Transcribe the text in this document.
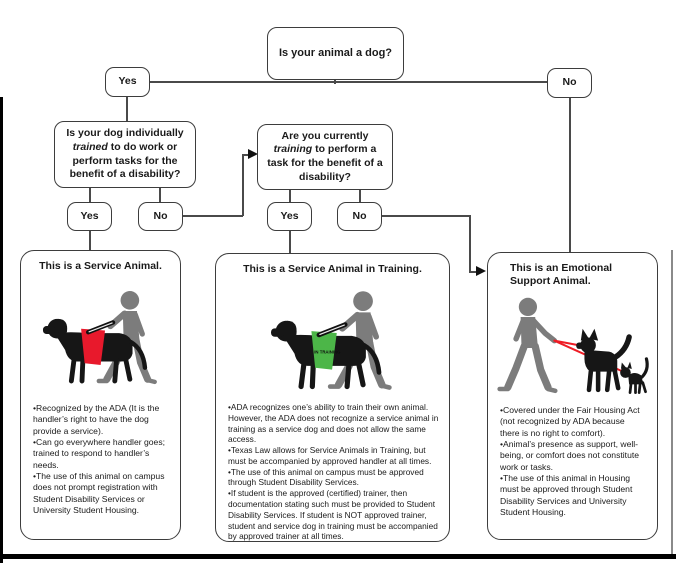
Is your animal a dog?
Yes	No
Is your dog individually trained to do work or perform tasks for the benefit of a disability?
Are you currently training to perform a task for the benefit of a disability?
Yes	No	Yes	No
This is a Service Animal.
• Recognized by the ADA (It is the handler’s right to have the dog provide a service).
• Can go everywhere handler goes; trained to respond to handler’s needs.
• The use of this animal on campus does not prompt registration with Student Disability Services or University Student Housing.
This is a Service Animal in Training.
IN TRAINING
• ADA recognizes one’s ability to train their own animal. However, the ADA does not recognize a service animal in training as a service dog and does not allow the same access.
• Texas Law allows for Service Animals in Training, but must be accompanied by approved handler at all times.
• The use of this animal on campus must be approved through Student Disability Services.
• If student is the approved (certified) trainer, then documentation stating such must be provided to Student Disability Services. If student is NOT approved trainer, student and service dog in training must be accompanied by approved trainer at all times.
This is an Emotional Support Animal.
• Covered under the Fair Housing Act (not recognized by ADA because there is no right to comfort).
• Animal’s presence as support, well-being, or comfort does not constitute work or tasks.
• The use of this animal in Housing must be approved through Student Disability Services and University Student Housing.
